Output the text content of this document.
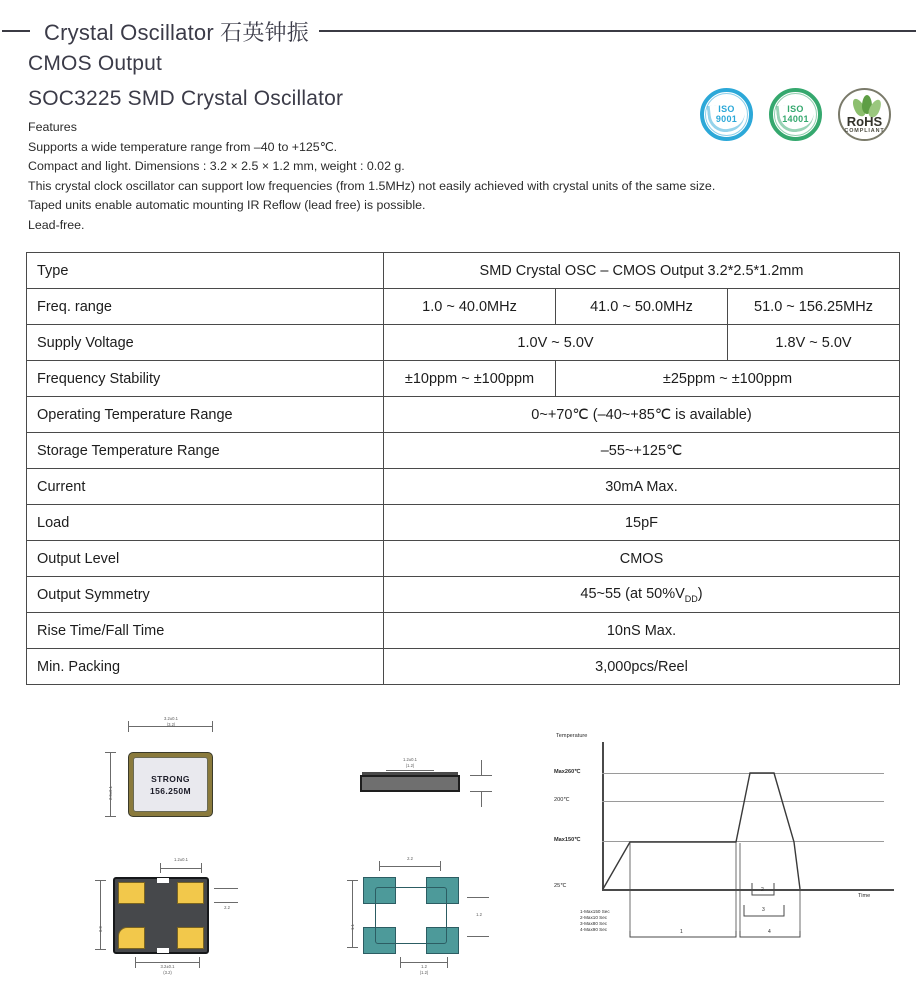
Crystal Oscillator 石英钟振
CMOS Output
SOC3225 SMD Crystal Oscillator
Features
Supports a wide temperature range from –40 to +125℃.
Compact and light. Dimensions : 3.2 × 2.5 × 1.2 mm, weight : 0.02 g.
This crystal clock oscillator can support low frequencies (from 1.5MHz) not easily achieved with crystal units of the same size.
Taped units enable automatic mounting IR Reflow (lead free) is possible.
Lead-free.
ISO
9001
ISO
14001	RoHS
COMPLIANT
Type	SMD Crystal OSC – CMOS Output 3.2*2.5*1.2mm		
Freq. range	1.0 ~ 40.0MHz	41.0 ~ 50.0MHz	51.0 ~ 156.25MHz
Supply Voltage	1.0V ~ 5.0V		1.8V ~ 5.0V
Frequency Stability	±10ppm ~ ±100ppm	±25ppm ~ ±100ppm	
Operating Temperature Range	0~+70℃ (–40~+85℃ is available)		
Storage Temperature Range	–55~+125℃		
Current	30mA Max.		
Load	15pF		
Output Level	CMOS		
Output Symmetry	45~55 (at $50\%V_{DD}$)		
Rise Time/Fall Time	10nS Max.		
Min. Packing	3,000pcs/Reel		
3.2±0.1
(3.2)
2.5±0.1
STRONG
156.250M
1.2±0.1
(1.2)
1.2±0.1
0.9
2.2
3.2±0.1
(3.2)
2.2
1.1
1.2
1.2
(1.2)
Temperature
Time
Max260℃
200℃
Max150℃
25℃
1
2
3
4
1-Max150 Sec
2-Max10 Sec
3-Max80 Sec
4-Max90 Sec
